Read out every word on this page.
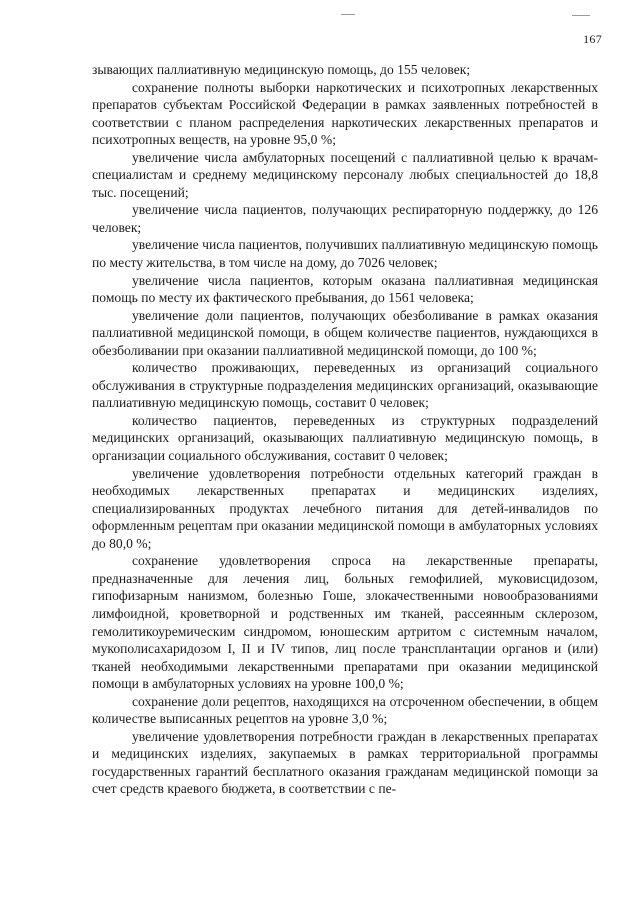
167

зывающих паллиативную медицинскую помощь, до 155 человек;

сохранение полноты выборки наркотических и психотропных лекарственных препаратов субъектам Российской Федерации в рамках заявленных потребностей в соответствии с планом распределения наркотических лекарственных препаратов и психотропных веществ, на уровне 95,0 %;

увеличение числа амбулаторных посещений с паллиативной целью к врачам-специалистам и среднему медицинскому персоналу любых специальностей до 18,8 тыс. посещений;

увеличение числа пациентов, получающих респираторную поддержку, до 126 человек;

увеличение числа пациентов, получивших паллиативную медицинскую помощь по месту жительства, в том числе на дому, до 7026 человек;

увеличение числа пациентов, которым оказана паллиативная медицинская помощь по месту их фактического пребывания, до 1561 человека;

увеличение доли пациентов, получающих обезболивание в рамках оказания паллиативной медицинской помощи, в общем количестве пациентов, нуждающихся в обезболивании при оказании паллиативной медицинской помощи, до 100 %;

количество проживающих, переведенных из организаций социального обслуживания в структурные подразделения медицинских организаций, оказывающие паллиативную медицинскую помощь, составит 0 человек;

количество пациентов, переведенных из структурных подразделений медицинских организаций, оказывающих паллиативную медицинскую помощь, в организации социального обслуживания, составит 0 человек;

увеличение удовлетворения потребности отдельных категорий граждан в необходимых лекарственных препаратах и медицинских изделиях, специализированных продуктах лечебного питания для детей-инвалидов по оформленным рецептам при оказании медицинской помощи в амбулаторных условиях до 80,0 %;

сохранение удовлетворения спроса на лекарственные препараты, предназначенные для лечения лиц, больных гемофилией, муковисцидозом, гипофизарным нанизмом, болезнью Гоше, злокачественными новообразованиями лимфоидной, кроветворной и родственных им тканей, рассеянным склерозом, гемолитикоуремическим синдромом, юношеским артритом с системным началом, мукополисахаридозом I, II и IV типов, лиц после трансплантации органов и (или) тканей необходимыми лекарственными препаратами при оказании медицинской помощи в амбулаторных условиях на уровне 100,0 %;

сохранение доли рецептов, находящихся на отсроченном обеспечении, в общем количестве выписанных рецептов на уровне 3,0 %;

увеличение удовлетворения потребности граждан в лекарственных препаратах и медицинских изделиях, закупаемых в рамках территориальной программы государственных гарантий бесплатного оказания гражданам медицинской помощи за счет средств краевого бюджета, в соответствии с пе-
